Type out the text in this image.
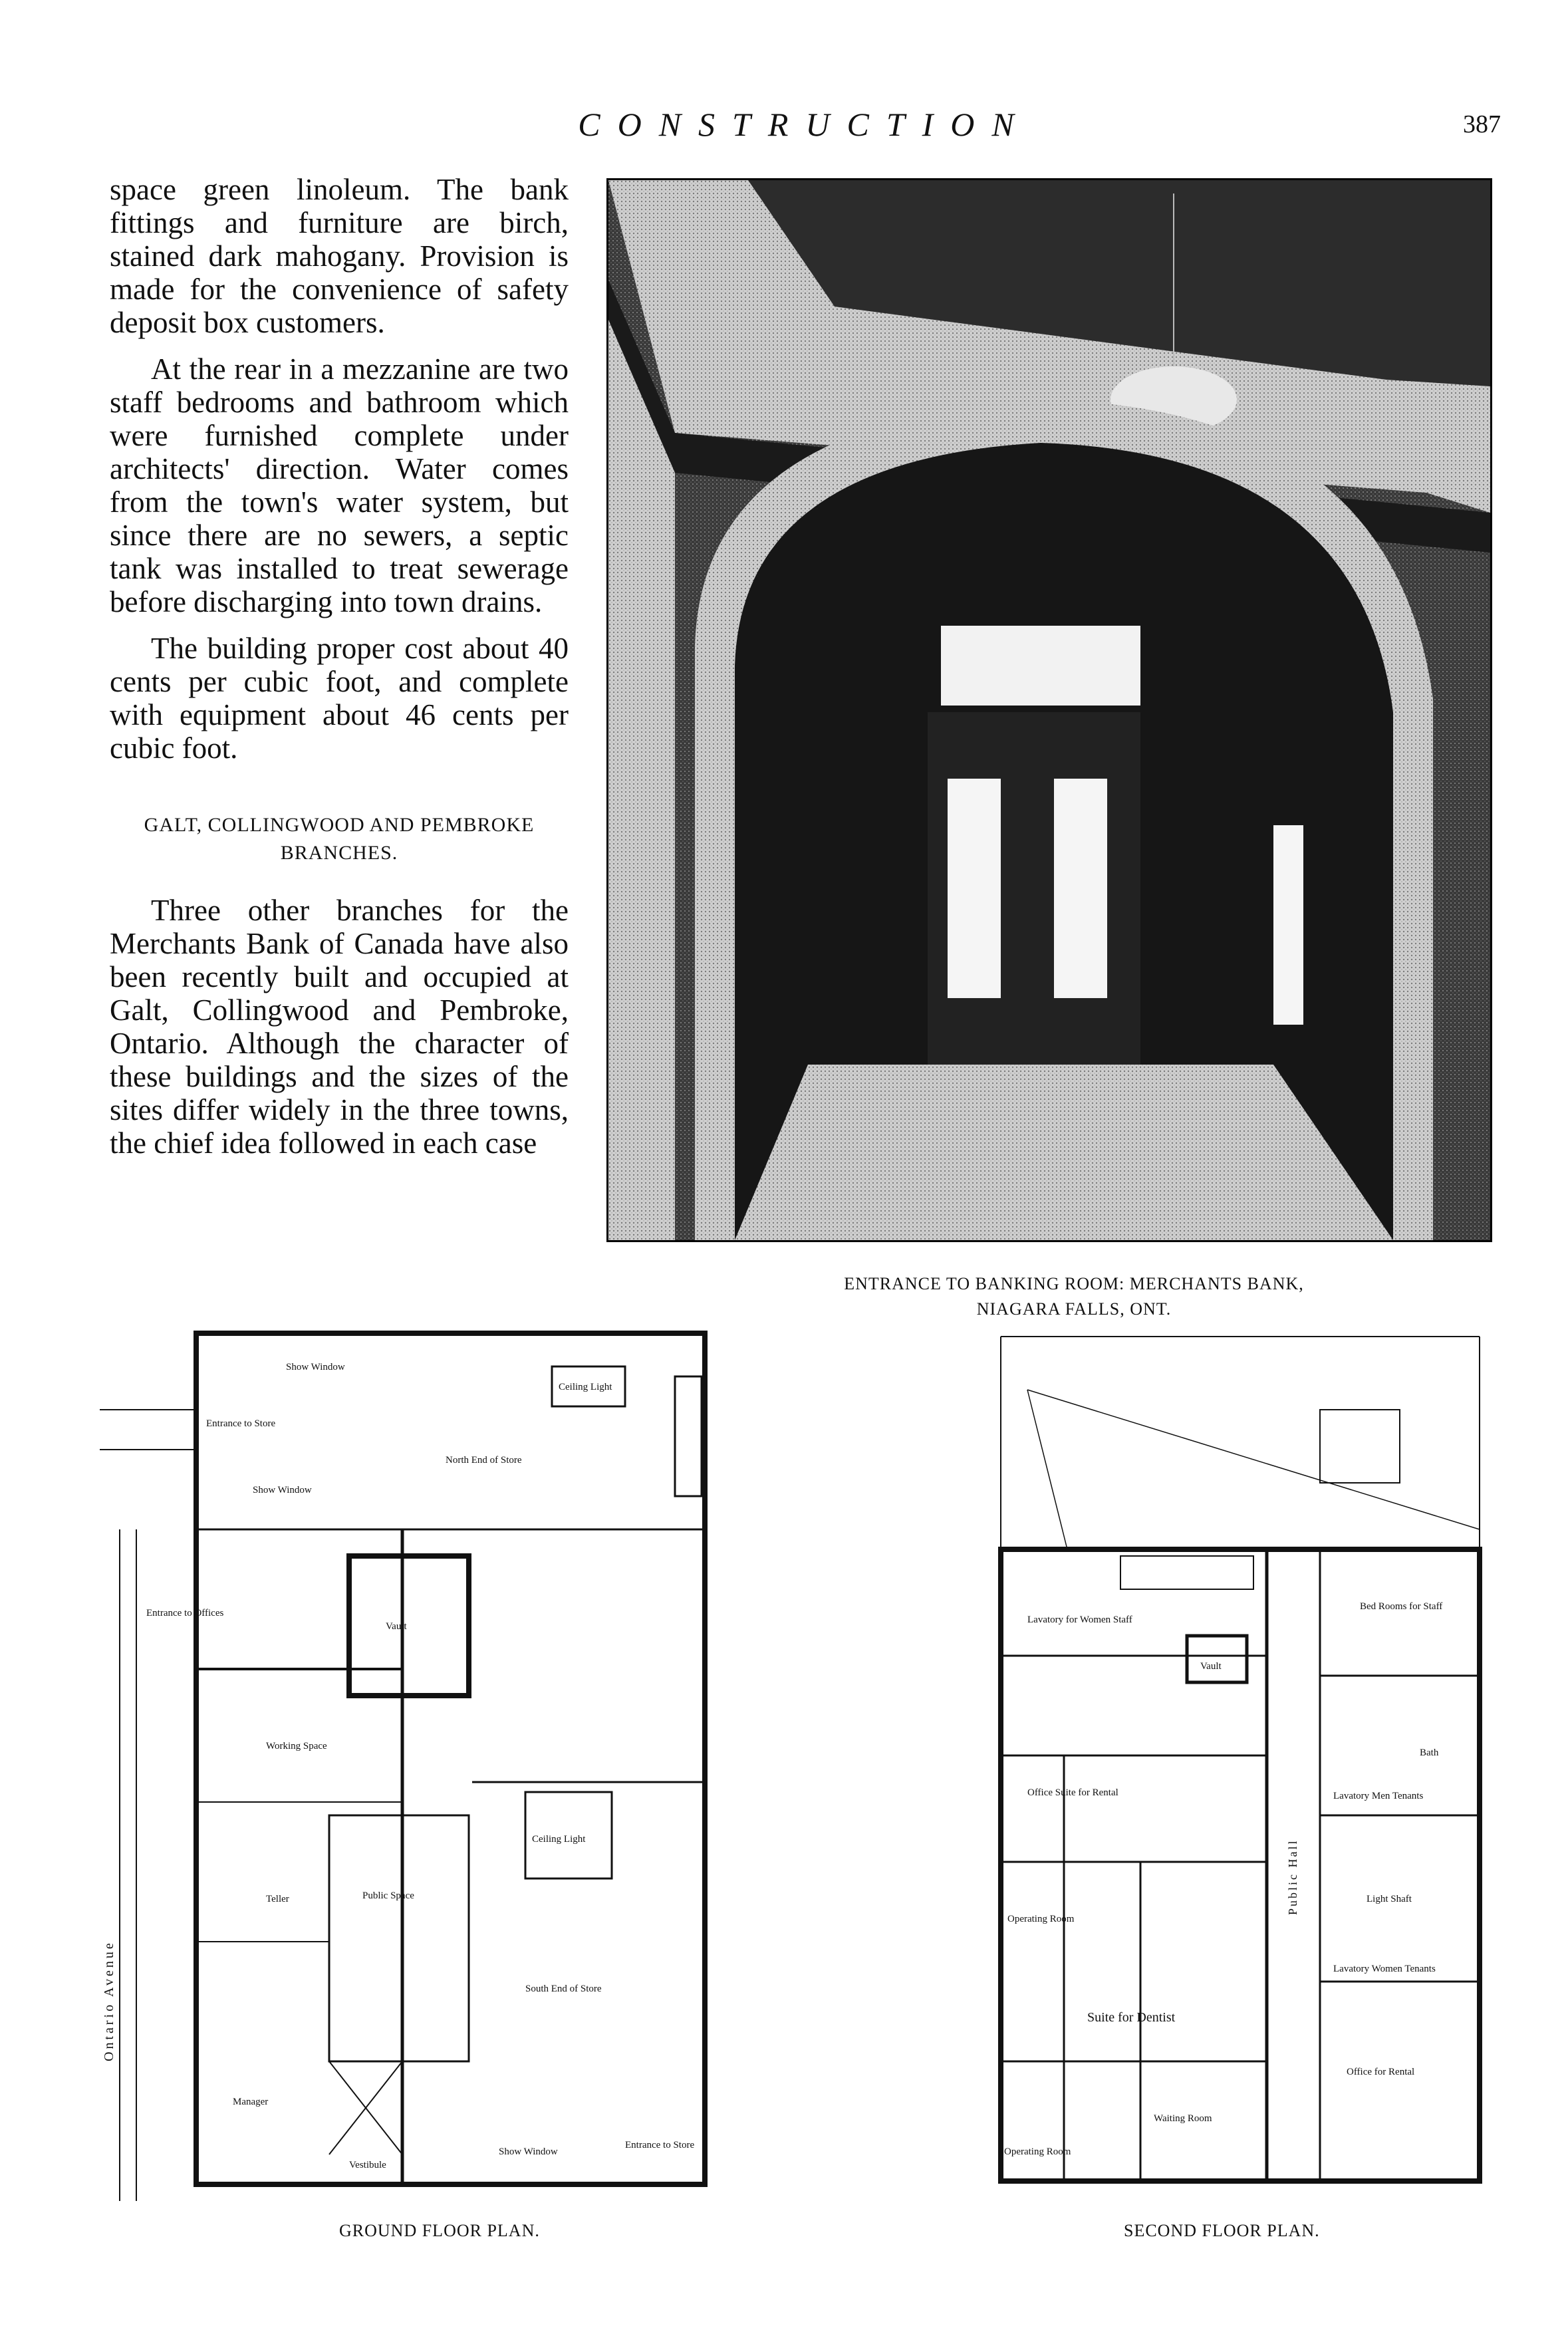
CONSTRUCTION	387

space green linoleum. The bank fittings and furniture are birch, stained dark mahogany. Provision is made for the convenience of safety deposit box customers.

At the rear in a mezzanine are two staff bedrooms and bathroom which were furnished complete under architects' direction. Water comes from the town's water system, but since there are no sewers, a septic tank was installed to treat sewerage before discharging into town drains.

The building proper cost about 40 cents per cubic foot, and complete with equipment about 46 cents per cubic foot.

GALT, COLLINGWOOD AND PEMBROKE
BRANCHES.

Three other branches for the Merchants Bank of Canada have also been recently built and occupied at Galt, Collingwood and Pembroke, Ontario. Although the character of these buildings and the sizes of the sites differ widely in the three towns, the chief idea followed in each case

ENTRANCE TO BANKING ROOM: MERCHANTS BANK,
NIAGARA FALLS, ONT.
Show Window
Entrance to Store
Show Window
Ceiling Light
North End of Store
Entrance to Offices
Vault
Working Space
Teller	Public Space
Ceiling Light
South End of Store
Manager
Vestibule
Show Window
Entrance to Store
Ontario Avenue
GROUND FLOOR PLAN.
Lavatory for Women Staff
Bed Rooms for Staff
Vault
Bath
Office Suite for Rental	Lavatory Men Tenants
Public Hall	Light Shaft
Operating Room
Lavatory Women Tenants
Suite for Dentist
Office for Rental
Waiting Room
Operating Room
SECOND FLOOR PLAN.
